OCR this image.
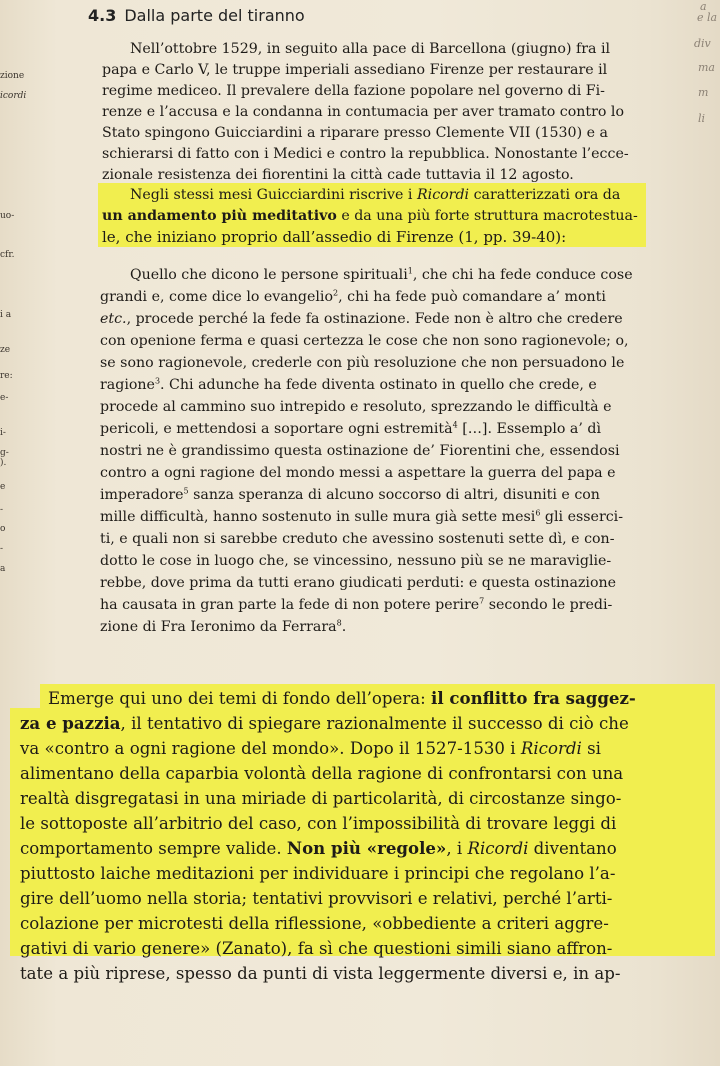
4.3 Dalla parte del tiranno	a
e la
div
ma
m
li
zione
icordi
uo-
cfr.
i a
ze
re:
e-
i-
g-
).
e
-
o
-
a
Nell’ottobre 1529, in seguito alla pace di Barcellona (giugno) fra il
papa e Carlo V, le truppe imperiali assediano Firenze per restaurare il
regime mediceo. Il prevalere della fazione popolare nel governo di Fi-
renze e l’accusa e la condanna in contumacia per aver tramato contro lo
Stato spingono Guicciardini a riparare presso Clemente VII (1530) e a
schierarsi di fatto con i Medici e contro la repubblica. Nonostante l’ecce-
zionale resistenza dei fiorentini la città cade tuttavia il 12 agosto.
Negli stessi mesi Guicciardini riscrive i Ricordi caratterizzati ora da
un andamento più meditativo e da una più forte struttura macrotestua-
le, che iniziano proprio dall’assedio di Firenze (1, pp. 39-40):
Quello che dicono le persone spirituali$^1$, che chi ha fede conduce cose
grandi e, come dice lo evangelio$^2$, chi ha fede può comandare a’ monti
etc., procede perché la fede fa ostinazione. Fede non è altro che credere
con openione ferma e quasi certezza le cose che non sono ragionevole; o,
se sono ragionevole, crederle con più resoluzione che non persuadono le
ragione$^3$. Chi adunche ha fede diventa ostinato in quello che crede, e
procede al cammino suo intrepido e resoluto, sprezzando le difficultà e
pericoli, e mettendosi a soportare ogni estremità$^4$ […]. Essemplo a’ dì
nostri ne è grandissimo questa ostinazione de’ Fiorentini che, essendosi
contro a ogni ragione del mondo messi a aspettare la guerra del papa e
imperadore$^5$ sanza speranza di alcuno soccorso di altri, disuniti e con
mille difficultà, hanno sostenuto in sulle mura già sette mesi$^6$ gli esserci-
ti, e quali non si sarebbe creduto che avessino sostenuti sette dì, e con-
dotto le cose in luogo che, se vincessino, nessuno più se ne maraviglie-
rebbe, dove prima da tutti erano giudicati perduti: e questa ostinazione
ha causata in gran parte la fede di non potere perire$^7$ secondo le predi-
zione di Fra Ieronimo da Ferrara$^8$.
Emerge qui uno dei temi di fondo dell’opera: il conflitto fra saggez-
za e pazzia, il tentativo di spiegare razionalmente il successo di ciò che
va «contro a ogni ragione del mondo». Dopo il 1527-1530 i Ricordi si
alimentano della caparbia volontà della ragione di confrontarsi con una
realtà disgregatasi in una miriade di particolarità, di circostanze singo-
le sottoposte all’arbitrio del caso, con l’impossibilità di trovare leggi di
comportamento sempre valide. Non più «regole», i Ricordi diventano
piuttosto laiche meditazioni per individuare i principi che regolano l’a-
gire dell’uomo nella storia; tentativi provvisori e relativi, perché l’arti-
colazione per microtesti della riflessione, «obbediente a criteri aggre-
gativi di vario genere» (Zanato), fa sì che questioni simili siano affron-
tate a più riprese, spesso da punti di vista leggermente diversi e, in ap-
